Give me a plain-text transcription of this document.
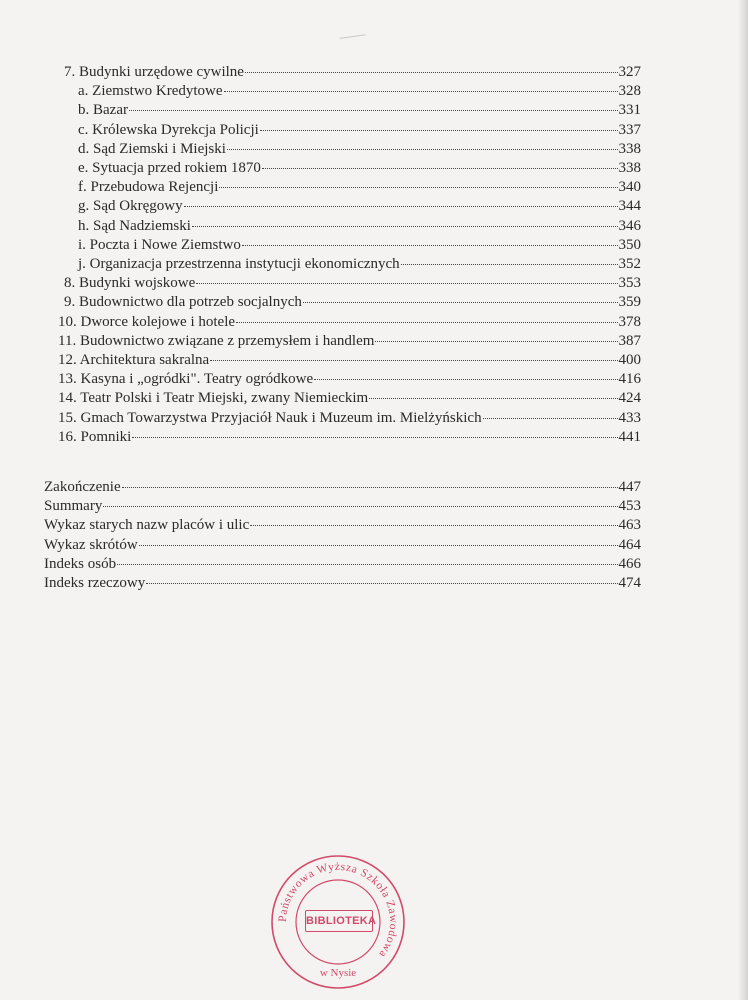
7. Budynki urzędowe cywilne	327
a. Ziemstwo Kredytowe	328
b. Bazar	331
c. Królewska Dyrekcja Policji	337
d. Sąd Ziemski i Miejski	338
e. Sytuacja przed rokiem 1870	338
f. Przebudowa Rejencji	340
g. Sąd Okręgowy	344
h. Sąd Nadziemski	346
i. Poczta i Nowe Ziemstwo	350
j. Organizacja przestrzenna instytucji ekonomicznych	352
8. Budynki wojskowe	353
9. Budownictwo dla potrzeb socjalnych	359
10. Dworce kolejowe i hotele	378
11. Budownictwo związane z przemysłem i handlem	387
12. Architektura sakralna	400
13. Kasyna i „ogródki". Teatry ogródkowe	416
14. Teatr Polski i Teatr Miejski, zwany Niemieckim	424
15. Gmach Towarzystwa Przyjaciół Nauk i Muzeum im. Mielżyńskich	433
16. Pomniki	441
Zakończenie	447
Summary	453
Wykaz starych nazw placów i ulic	463
Wykaz skrótów	464
Indeks osób	466
Indeks rzeczowy	474
Państwowa Wyższa Szkoła Zawodowa
w Nysie
BIBLIOTEKA
